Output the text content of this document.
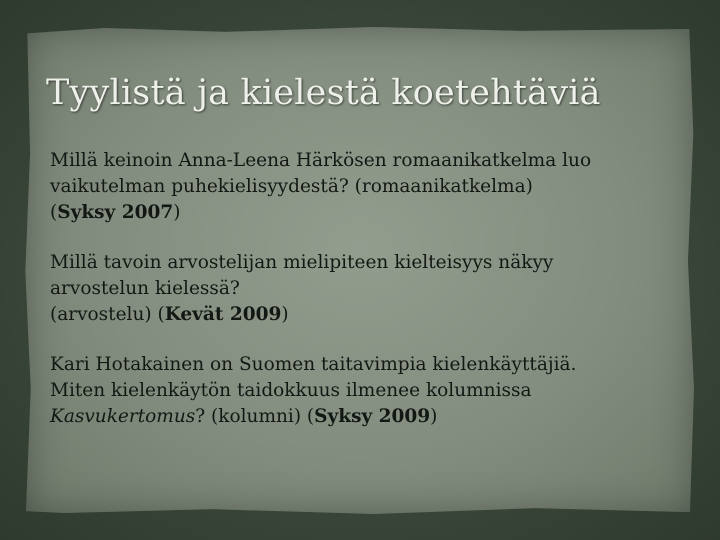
Tyylistä ja kielestä koetehtäviä
Millä keinoin Anna-Leena Härkösen romaanikatkelma luo
vaikutelman puhekielisyydestä? (romaanikatkelma)
(Syksy 2007)
Millä tavoin arvostelijan mielipiteen kielteisyys näkyy
arvostelun kielessä?
(arvostelu) (Kevät 2009)
Kari Hotakainen on Suomen taitavimpia kielenkäyttäjiä.
Miten kielenkäytön taidokkuus ilmenee kolumnissa
Kasvukertomus? (kolumni) (Syksy 2009)
